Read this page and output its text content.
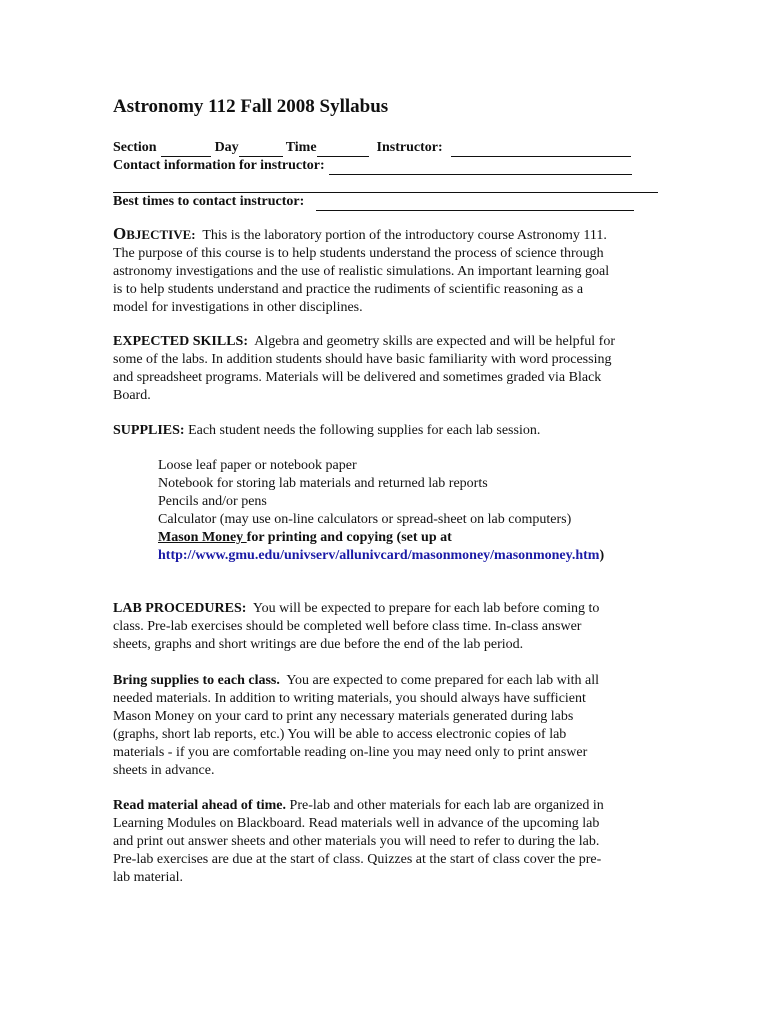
Astronomy 112 Fall 2008 Syllabus
Section	Day	Time	Instructor:
Contact information for instructor:
Best times to contact instructor:

OBJECTIVE: This is the laboratory portion of the introductory course Astronomy 111.
The purpose of this course is to help students understand the process of science through
astronomy investigations and the use of realistic simulations. An important learning goal
is to help students understand and practice the rudiments of scientific reasoning as a
model for investigations in other disciplines.

EXPECTED SKILLS: Algebra and geometry skills are expected and will be helpful for
some of the labs. In addition students should have basic familiarity with word processing
and spreadsheet programs. Materials will be delivered and sometimes graded via Black
Board.

SUPPLIES: Each student needs the following supplies for each lab session.

Loose leaf paper or notebook paper
Notebook for storing lab materials and returned lab reports
Pencils and/or pens
Calculator (may use on-line calculators or spread-sheet on lab computers)
Mason Money for printing and copying (set up at
http://www.gmu.edu/univserv/allunivcard/masonmoney/masonmoney.htm)

LAB PROCEDURES: You will be expected to prepare for each lab before coming to
class. Pre-lab exercises should be completed well before class time. In-class answer
sheets, graphs and short writings are due before the end of the lab period.

Bring supplies to each class. You are expected to come prepared for each lab with all
needed materials. In addition to writing materials, you should always have sufficient
Mason Money on your card to print any necessary materials generated during labs
(graphs, short lab reports, etc.) You will be able to access electronic copies of lab
materials - if you are comfortable reading on-line you may need only to print answer
sheets in advance.

Read material ahead of time. Pre-lab and other materials for each lab are organized in
Learning Modules on Blackboard. Read materials well in advance of the upcoming lab
and print out answer sheets and other materials you will need to refer to during the lab.
Pre-lab exercises are due at the start of class. Quizzes at the start of class cover the pre-
lab material.
